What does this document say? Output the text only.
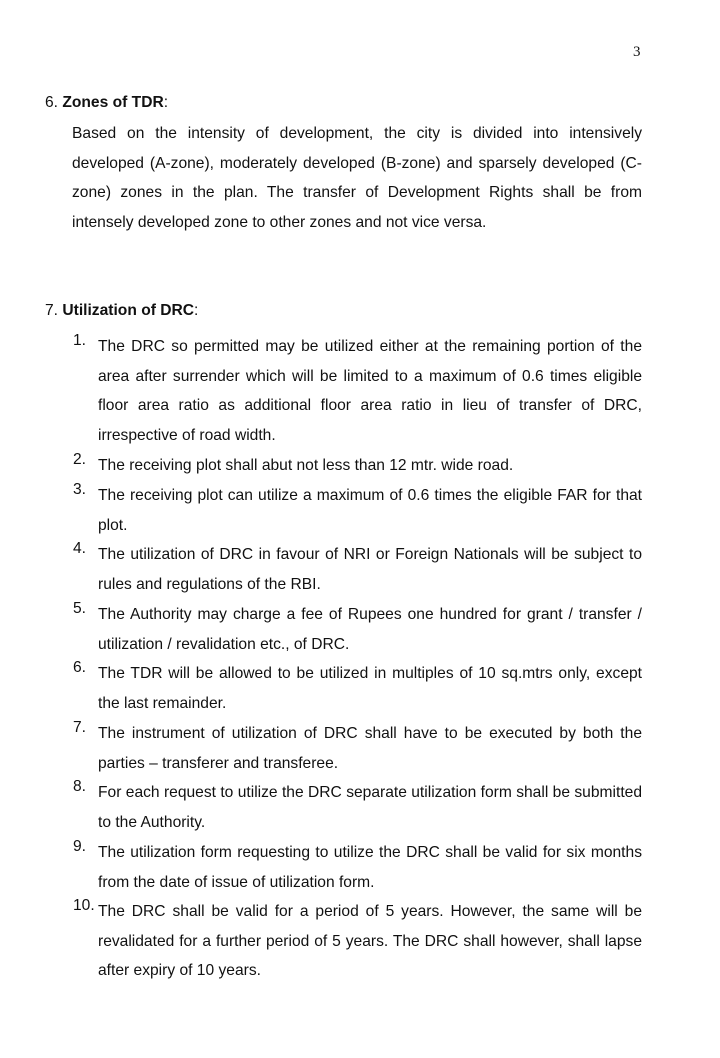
3
6. Zones of TDR:

Based on the intensity of development, the city is divided into intensively developed (A-zone), moderately developed (B-zone) and sparsely developed (C-zone) zones in the plan. The transfer of Development Rights shall be from intensely developed zone to other zones and not vice versa.

7. Utilization of DRC:
1. The DRC so permitted may be utilized either at the remaining portion of the area after surrender which will be limited to a maximum of 0.6 times eligible floor area ratio as additional floor area ratio in lieu of transfer of DRC, irrespective of road width.

2. The receiving plot shall abut not less than 12 mtr. wide road.

3. The receiving plot can utilize a maximum of 0.6 times the eligible FAR for that plot.

4. The utilization of DRC in favour of NRI or Foreign Nationals will be subject to rules and regulations of the RBI.

5. The Authority may charge a fee of Rupees one hundred for grant / transfer / utilization / revalidation etc., of DRC.

6. The TDR will be allowed to be utilized in multiples of 10 sq.mtrs only, except the last remainder.

7. The instrument of utilization of DRC shall have to be executed by both the parties – transferer and transferee.

8. For each request to utilize the DRC separate utilization form shall be submitted to the Authority.

9. The utilization form requesting to utilize the DRC shall be valid for six months from the date of issue of utilization form.

10. The DRC shall be valid for a period of 5 years. However, the same will be revalidated for a further period of 5 years. The DRC shall however, shall lapse after expiry of 10 years.
